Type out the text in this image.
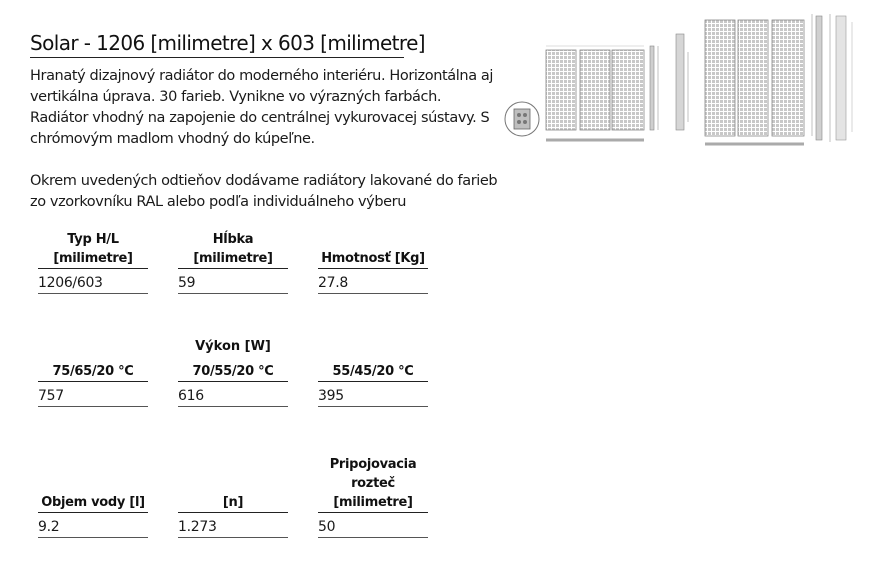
Solar - 1206 [milimetre] x 603 [milimetre]

Hranatý dizajnový radiátor do moderného interiéru. Horizontálna aj vertikálna úprava. 30 farieb. Vynikne vo výrazných farbách. Radiátor vhodný na zapojenie do centrálnej vykurovacej sústavy. S chrómovým madlom vhodný do kúpeľne.

Okrem uvedených odtieňov dodávame radiátory lakované do farieb zo vzorkovníku RAL alebo podľa individuálneho výberu

Typ H/L
[milimetre]
1206/603
Hĺbka
[milimetre]
59
Hmotnosť [Kg]
27.8
Výkon [W]
75/65/20 °C
757
70/55/20 °C
616
55/45/20 °C
395
Objem vody [l]
9.2
[n]
1.273
Pripojovacia
rozteč
[milimetre]
50
